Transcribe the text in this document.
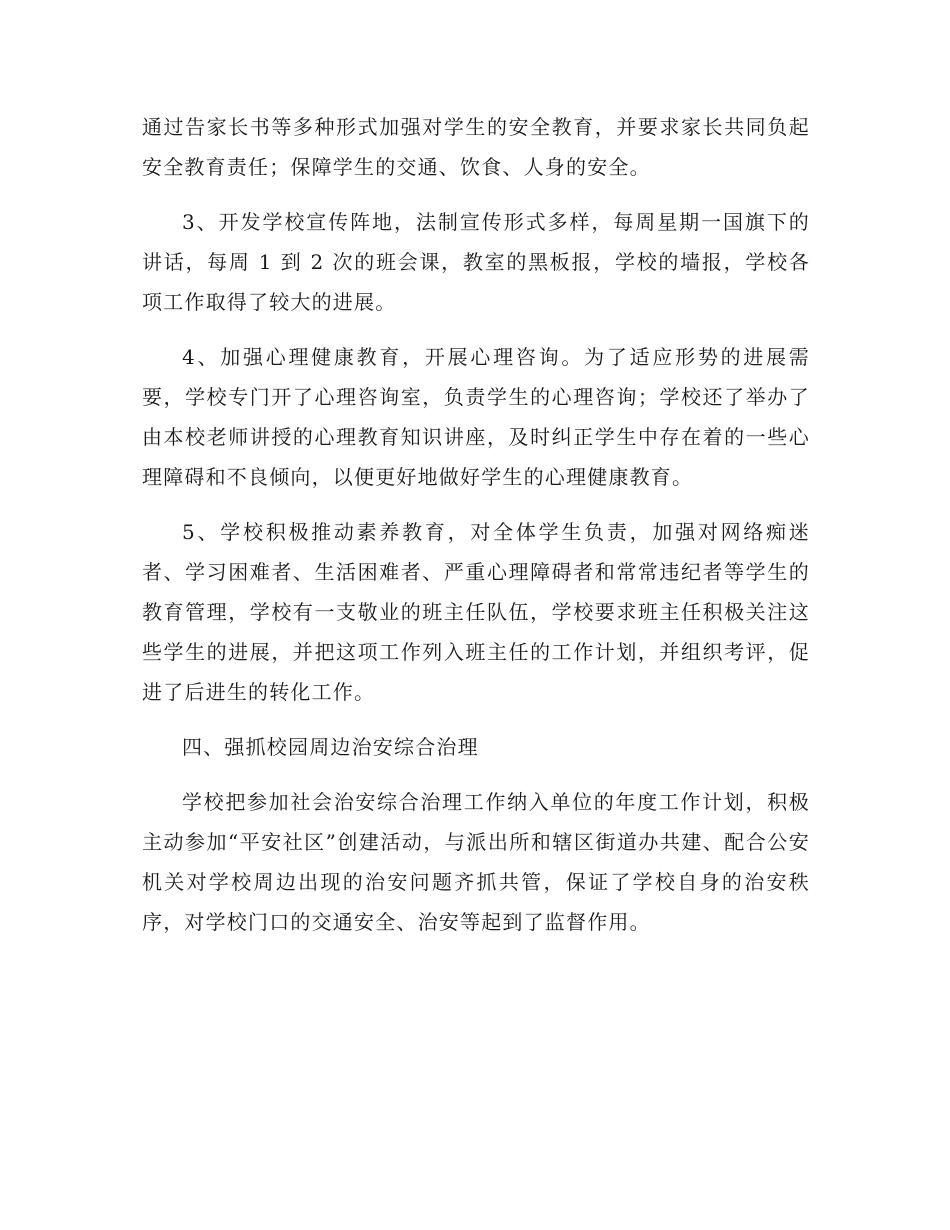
通过告家长书等多种形式加强对学生的安全教育，并要求家长共同负起安全教育责任；保障学生的交通、饮食、人身的安全。

3、开发学校宣传阵地，法制宣传形式多样，每周星期一国旗下的讲话，每周 1 到 2 次的班会课，教室的黑板报，学校的墙报，学校各项工作取得了较大的进展。

4、加强心理健康教育，开展心理咨询。为了适应形势的进展需要，学校专门开了心理咨询室，负责学生的心理咨询；学校还了举办了由本校老师讲授的心理教育知识讲座，及时纠正学生中存在着的一些心理障碍和不良倾向，以便更好地做好学生的心理健康教育。

5、学校积极推动素养教育，对全体学生负责，加强对网络痴迷者、学习困难者、生活困难者、严重心理障碍者和常常违纪者等学生的教育管理，学校有一支敬业的班主任队伍，学校要求班主任积极关注这些学生的进展，并把这项工作列入班主任的工作计划，并组织考评，促进了后进生的转化工作。

四、强抓校园周边治安综合治理

学校把参加社会治安综合治理工作纳入单位的年度工作计划，积极主动参加“平安社区”创建活动，与派出所和辖区街道办共建、配合公安机关对学校周边出现的治安问题齐抓共管，保证了学校自身的治安秩序，对学校门口的交通安全、治安等起到了监督作用。
